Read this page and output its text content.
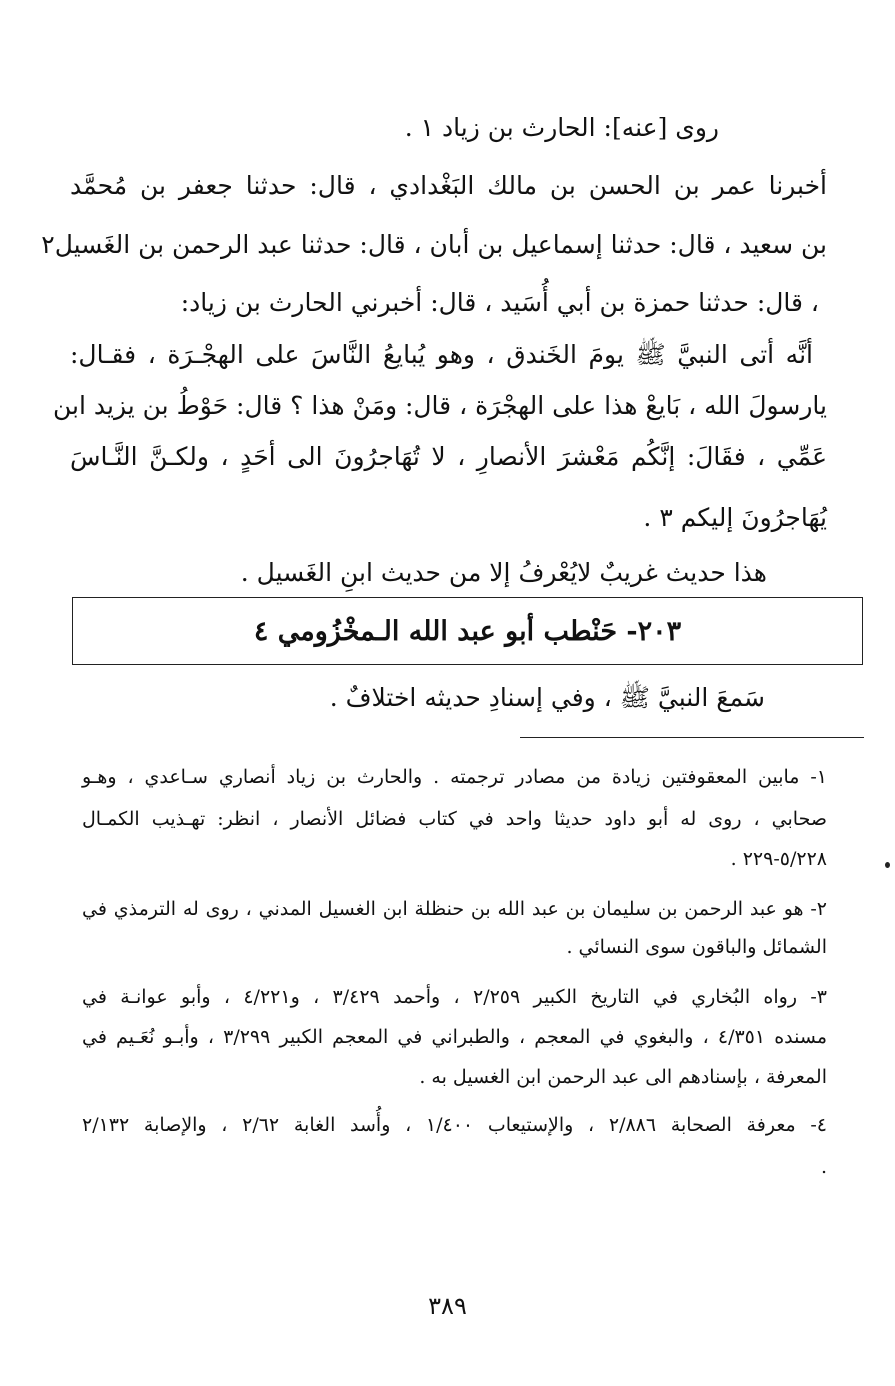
روى [عنه]: الحارث بن زياد ١ .
أخبرنا عمر بن الحسن بن مالك البَغْدادي ، قال: حدثنا جعفر بن مُحمَّد
بن سعيد ، قال: حدثنا إسماعيل بن أبان ، قال: حدثنا عبد الرحمن بن الغَسيل٢
، قال: حدثنا حمزة بن أبي أُسَيد ، قال: أخبرني الحارث بن زياد:
أنَّه أتى النبيَّ ﷺ يومَ الخَندق ، وهو يُبايعُ النَّاسَ على الهجْـرَة ، فقـال:
يارسولَ الله ، بَايعْ هذا على الهجْرَة ، قال: ومَنْ هذا ؟ قال: حَوْطُ بن يزيد ابن
عَمِّي ، فقَالَ: إنَّكُم مَعْشرَ الأنصارِ ، لا تُهَاجرُونَ الى أحَدٍ ، ولكـنَّ النَّـاسَ
يُهَاجرُونَ إليكم ٣ .
هذا حديث غريبٌ لايُعْرفُ إلا من حديث ابنِ الغَسيل .
٢٠٣- حَنْطب أبو عبد الله الـمخْزُومي ٤
سَمعَ النبيَّ ﷺ ، وفي إسنادِ حديثه اختلافٌ .
١- مابين المعقوفتين زيادة من مصادر ترجمته . والحارث بن زياد أنصاري سـاعدي ، وهـو
صحابي ، روى له أبو داود حديثا واحد في كتاب فضائل الأنصار ، انظر: تهـذيب الكمـال
٥/٢٢٨-٢٢٩ .
٢- هو عبد الرحمن بن سليمان بن عبد الله بن حنظلة ابن الغسيل المدني ، روى له الترمذي في
الشمائل والباقون سوى النسائي .
٣- رواه البُخاري في التاريخ الكبير ٢/٢٥٩ ، وأحمد ٣/٤٢٩ ، و٤/٢٢١ ، وأبو عوانـة في
مسنده ٤/٣٥١ ، والبغوي في المعجم ، والطبراني في المعجم الكبير ٣/٢٩٩ ، وأبـو نُعَـيم في
المعرفة ، بإسنادهم الى عبد الرحمن ابن الغسيل به .
٤- معرفة الصحابة ٢/٨٨٦ ، والإستيعاب ١/٤٠٠ ، وأُسد الغابة ٢/٦٢ ، والإصابة ٢/١٣٢
.
٣٨٩
